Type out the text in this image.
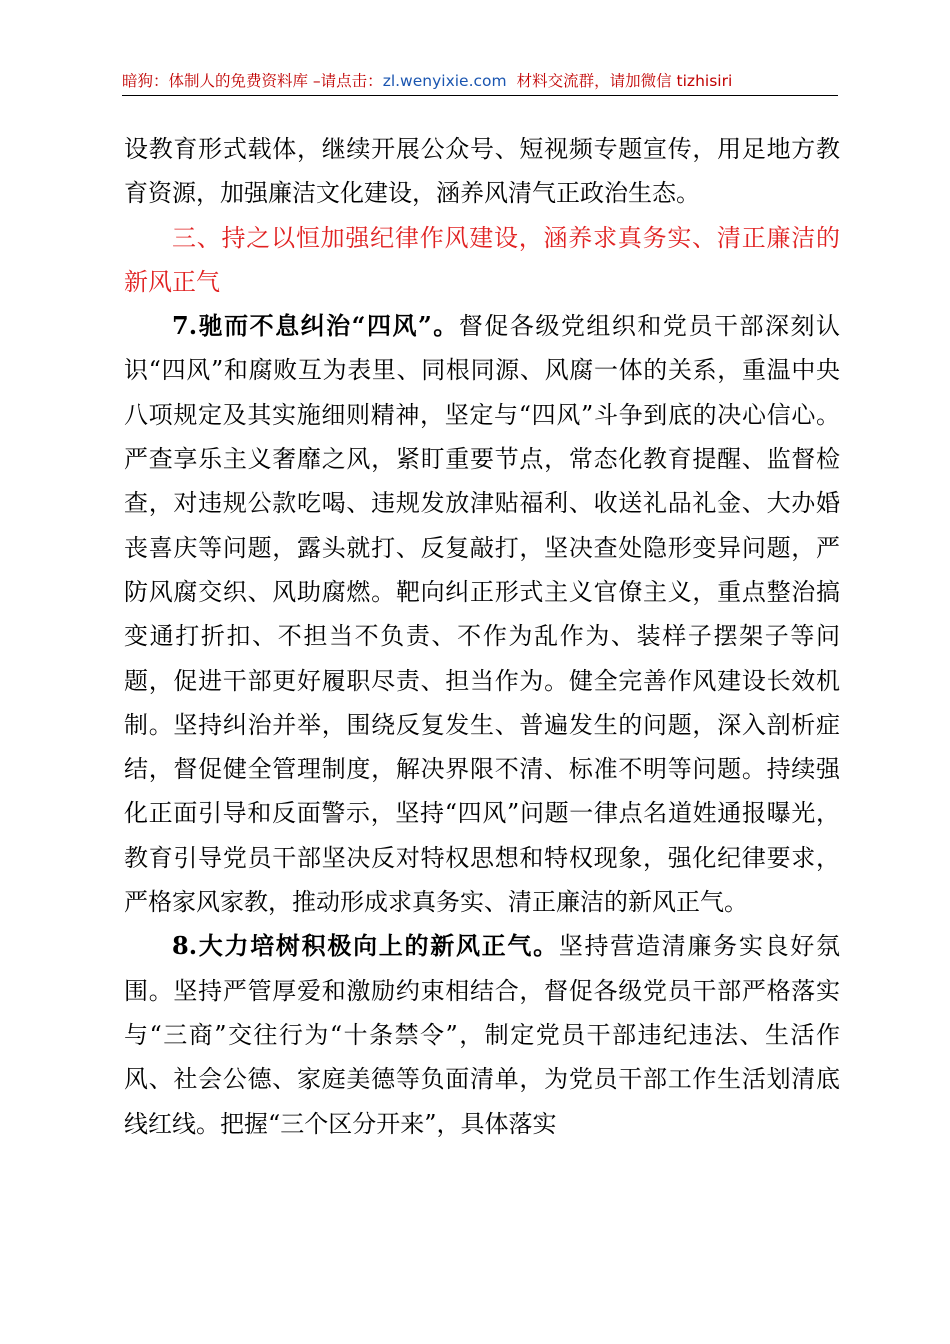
暗狗：体制人的免费资料库 –请点击：zl.wenyixie.com 材料交流群，请加微信 tizhisiri

设教育形式载体，继续开展公众号、短视频专题宣传，用足地方教育资源，加强廉洁文化建设，涵养风清气正政治生态。

三、持之以恒加强纪律作风建设，涵养求真务实、清正廉洁的新风正气

7.驰而不息纠治“四风”。督促各级党组织和党员干部深刻认识“四风”和腐败互为表里、同根同源、风腐一体的关系，重温中央八项规定及其实施细则精神，坚定与“四风”斗争到底的决心信心。严查享乐主义奢靡之风，紧盯重要节点，常态化教育提醒、监督检查，对违规公款吃喝、违规发放津贴福利、收送礼品礼金、大办婚丧喜庆等问题，露头就打、反复敲打，坚决查处隐形变异问题，严防风腐交织、风助腐燃。靶向纠正形式主义官僚主义，重点整治搞变通打折扣、不担当不负责、不作为乱作为、装样子摆架子等问题，促进干部更好履职尽责、担当作为。健全完善作风建设长效机制。坚持纠治并举，围绕反复发生、普遍发生的问题，深入剖析症结，督促健全管理制度，解决界限不清、标准不明等问题。持续强化正面引导和反面警示，坚持“四风”问题一律点名道姓通报曝光，教育引导党员干部坚决反对特权思想和特权现象，强化纪律要求，严格家风家教，推动形成求真务实、清正廉洁的新风正气。

8.大力培树积极向上的新风正气。坚持营造清廉务实良好氛围。坚持严管厚爱和激励约束相结合，督促各级党员干部严格落实与“三商”交往行为“十条禁令”，制定党员干部违纪违法、生活作风、社会公德、家庭美德等负面清单，为党员干部工作生活划清底线红线。把握“三个区分开来”，具体落实
